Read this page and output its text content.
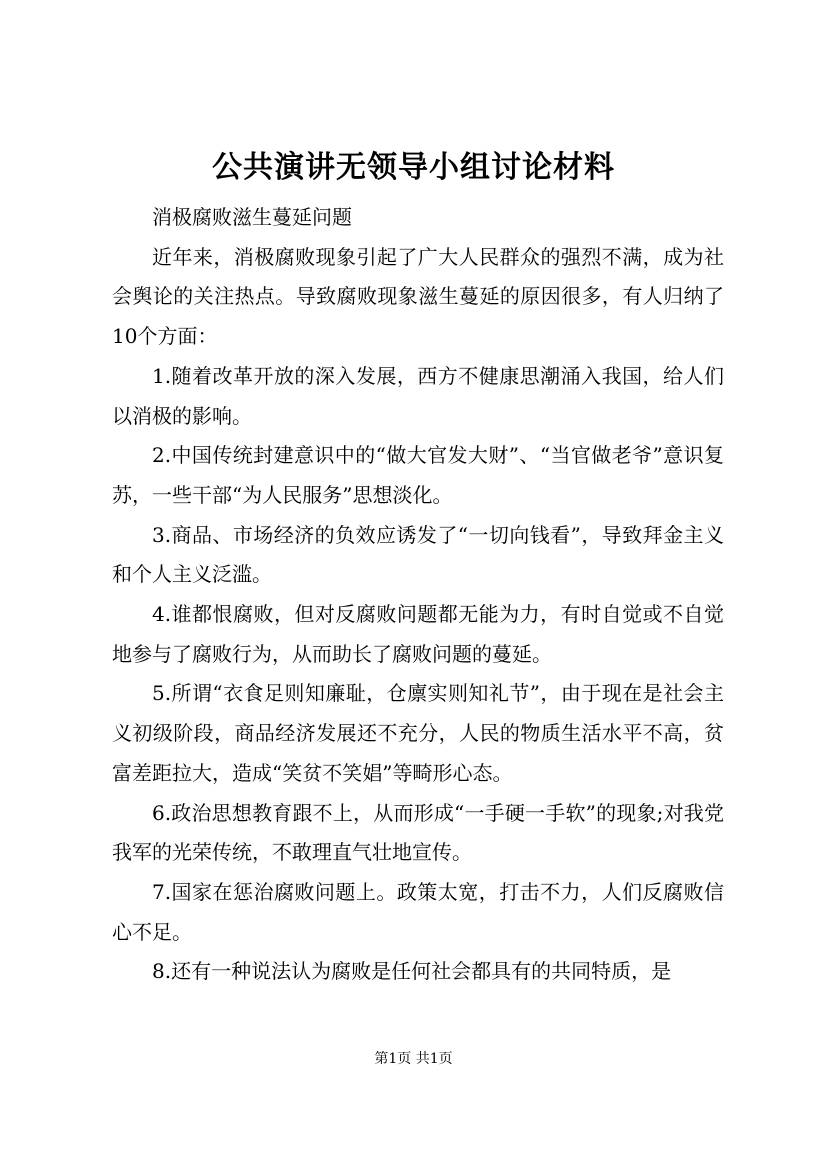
公共演讲无领导小组讨论材料

消极腐败滋生蔓延问题

近年来，消极腐败现象引起了广大人民群众的强烈不满，成为社会舆论的关注热点。导致腐败现象滋生蔓延的原因很多，有人归纳了10个方面：

1.随着改革开放的深入发展，西方不健康思潮涌入我国，给人们以消极的影响。

2.中国传统封建意识中的“做大官发大财”、“当官做老爷”意识复苏，一些干部“为人民服务”思想淡化。

3.商品、市场经济的负效应诱发了“一切向钱看”，导致拜金主义和个人主义泛滥。

4.谁都恨腐败，但对反腐败问题都无能为力，有时自觉或不自觉地参与了腐败行为，从而助长了腐败问题的蔓延。

5.所谓“衣食足则知廉耻，仓廪实则知礼节”，由于现在是社会主义初级阶段，商品经济发展还不充分，人民的物质生活水平不高，贫富差距拉大，造成“笑贫不笑娼”等畸形心态。

6.政治思想教育跟不上，从而形成“一手硬一手软”的现象;对我党我军的光荣传统，不敢理直气壮地宣传。

7.国家在惩治腐败问题上。政策太宽，打击不力，人们反腐败信心不足。

8.还有一种说法认为腐败是任何社会都具有的共同特质，是

第1页 共1页
